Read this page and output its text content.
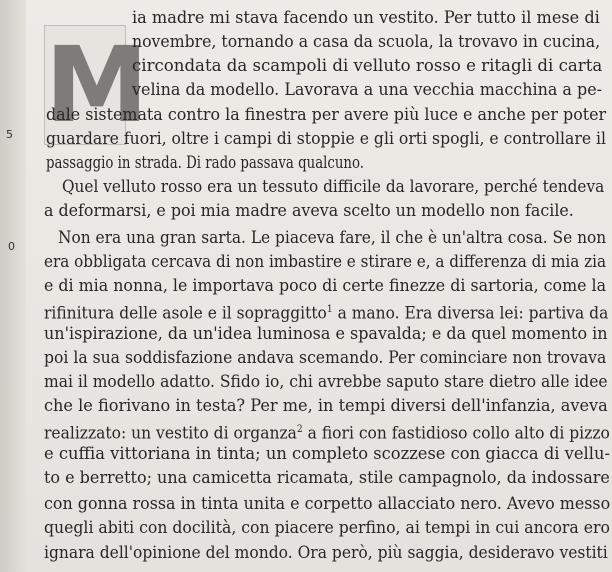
5
0
M
ia madre mi stava facendo un vestito. Per tutto il mese di
novembre, tornando a casa da scuola, la trovavo in cucina,
circondata da scampoli di velluto rosso e ritagli di carta
velina da modello. Lavorava a una vecchia macchina a pe-
dale sistemata contro la finestra per avere più luce e anche per poter
guardare fuori, oltre i campi di stoppie e gli orti spogli, e controllare il
passaggio in strada. Di rado passava qualcuno.
Quel velluto rosso era un tessuto difficile da lavorare, perché tendeva
a deformarsi, e poi mia madre aveva scelto un modello non facile.
Non era una gran sarta. Le piaceva fare, il che è un'altra cosa. Se non
era obbligata cercava di non imbastire e stirare e, a differenza di mia zia
e di mia nonna, le importava poco di certe finezze di sartoria, come la
rifinitura delle asole e il sopraggitto$^1$ a mano. Era diversa lei: partiva da
un'ispirazione, da un'idea luminosa e spavalda; e da quel momento in
poi la sua soddisfazione andava scemando. Per cominciare non trovava
mai il modello adatto. Sfido io, chi avrebbe saputo stare dietro alle idee
che le fiorivano in testa? Per me, in tempi diversi dell'infanzia, aveva
realizzato: un vestito di organza$^2$ a fiori con fastidioso collo alto di pizzo
e cuffia vittoriana in tinta; un completo scozzese con giacca di vellu-
to e berretto; una camicetta ricamata, stile campagnolo, da indossare
con gonna rossa in tinta unita e corpetto allacciato nero. Avevo messo
quegli abiti con docilità, con piacere perfino, ai tempi in cui ancora ero
ignara dell'opinione del mondo. Ora però, più saggia, desideravo vestiti
